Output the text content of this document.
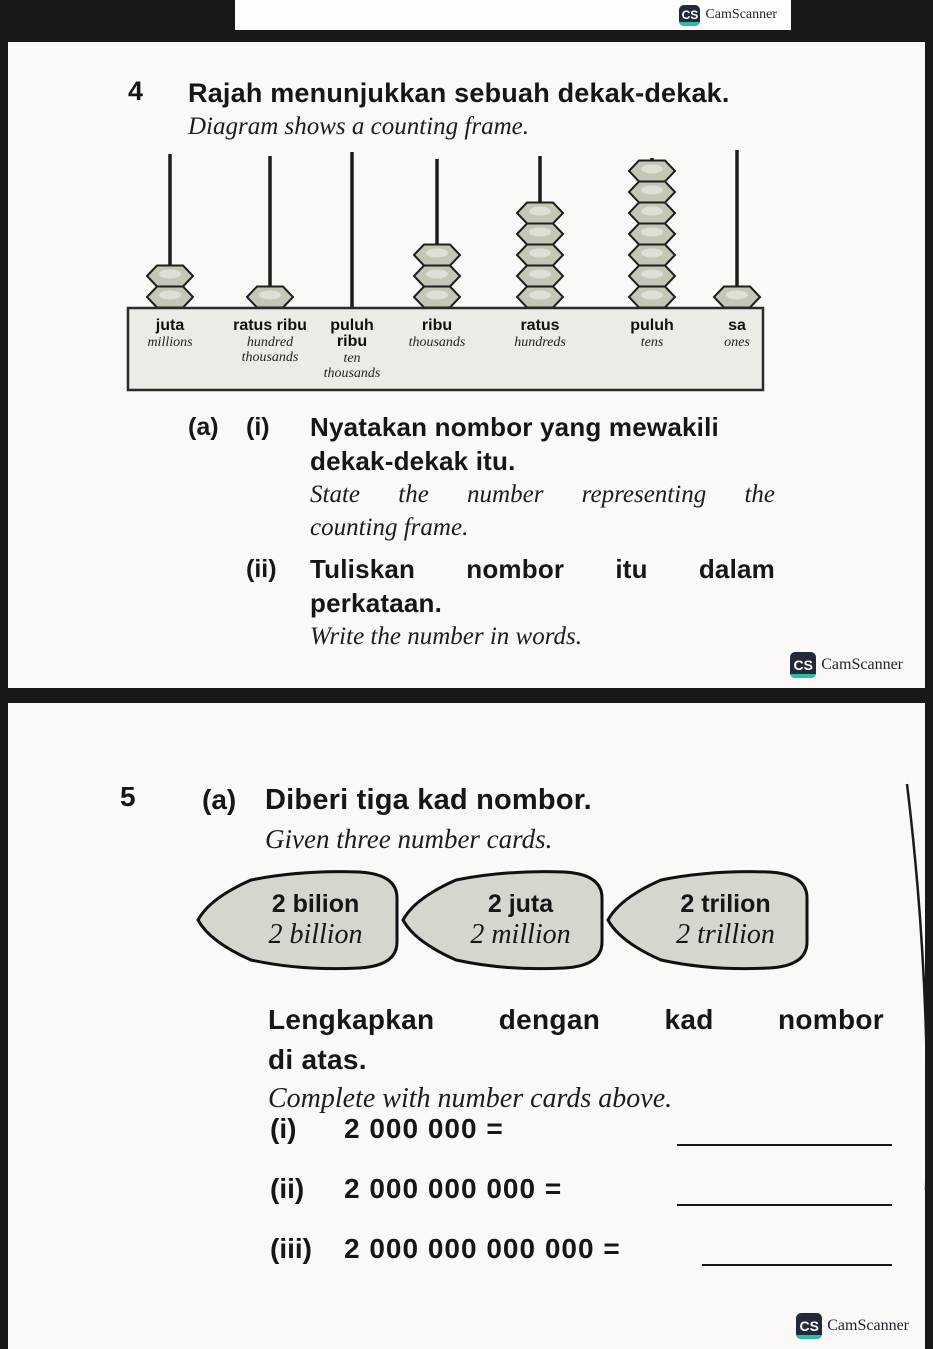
CS CamScanner
4	Rajah menunjukkan sebuah dekak-dekak.
Diagram shows a counting frame.
juta
millions
ratus ribu
hundred
thousands
puluh
ribu
ten
thousands
ribu
thousands
ratus
hundreds
puluh
tens
sa
ones
(a)	(i)	Nyatakan nombor yang mewakili
dekak-dekak itu.
State the number representing the
counting frame.
(ii)	Tuliskan nombor itu dalam
perkataan.
Write the number in words.
CS CamScanner
5	(a) Diberi tiga kad nombor.
Given three number cards.
2 bilion
2 billion
2 juta
2 million
2 trilion
2 trillion
Lengkapkan dengan kad nombor
di atas.
Complete with number cards above.
(i)	2 000 000 =
(ii)	2 000 000 000 =
(iii)	2 000 000 000 000 =
CS CamScanner
